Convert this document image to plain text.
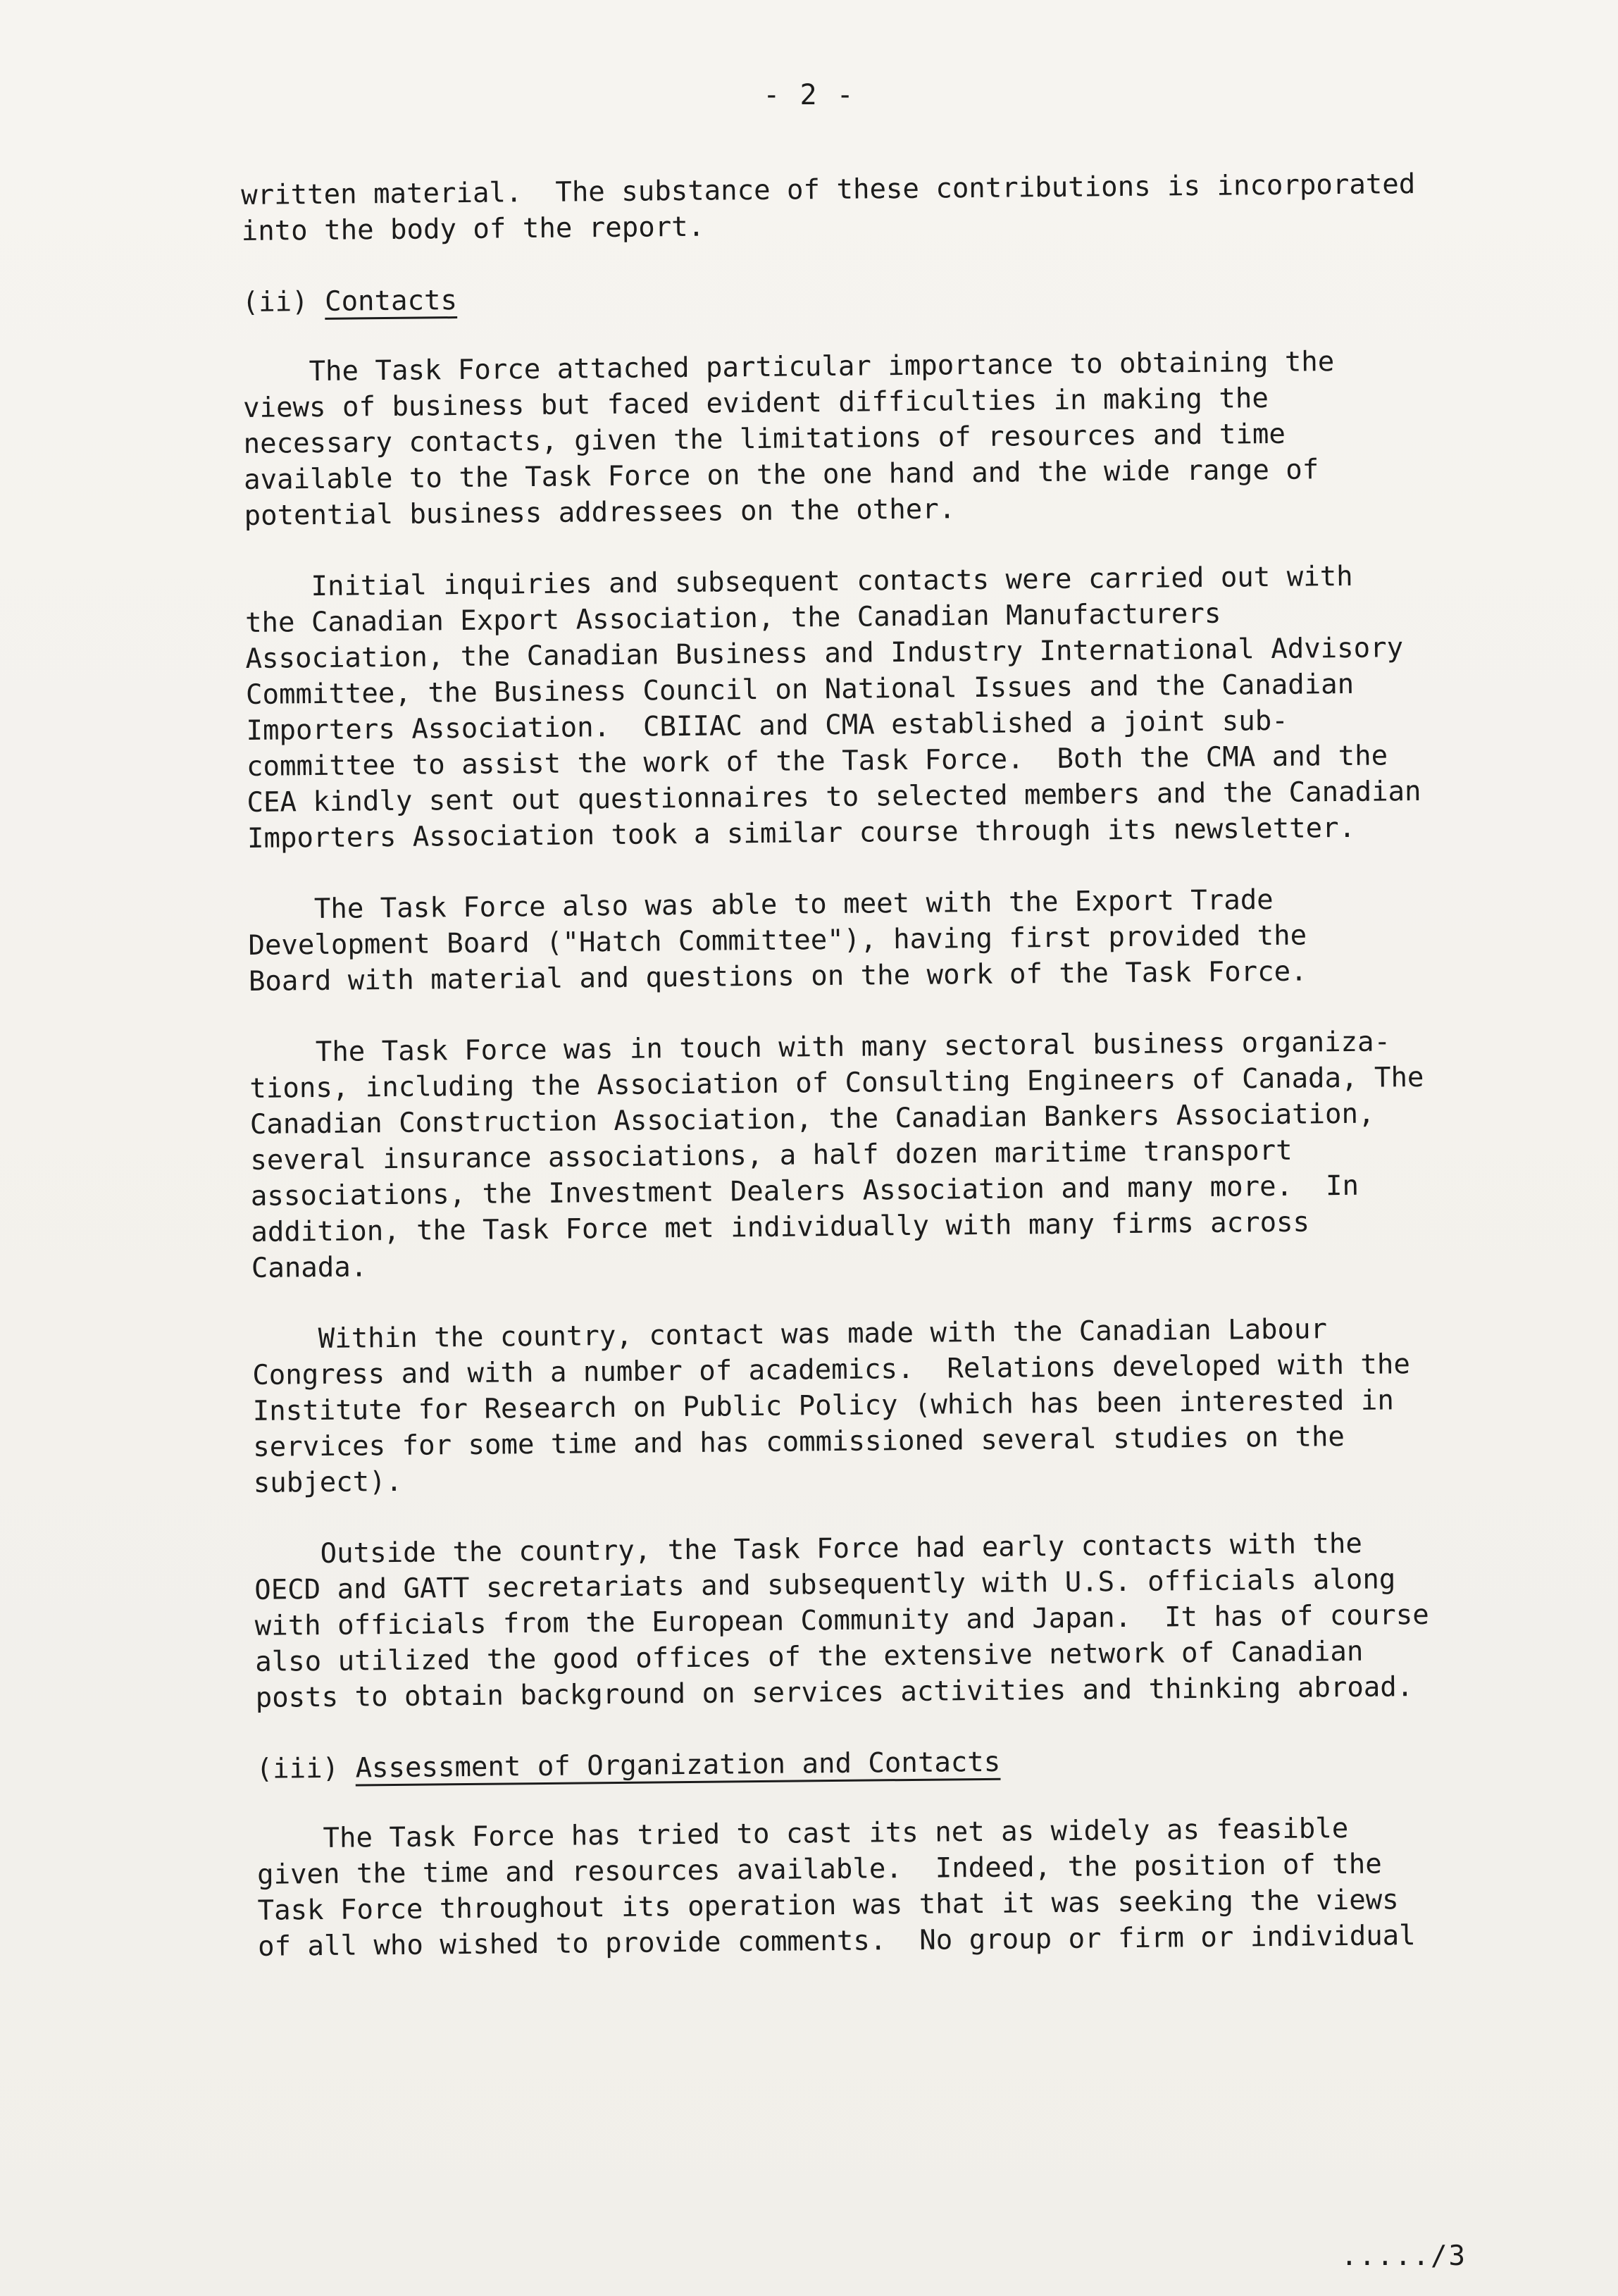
- 2 -
written material.  The substance of these contributions is incorporated
into the body of the report.
(ii) Contacts
The Task Force attached particular importance to obtaining the
views of business but faced evident difficulties in making the
necessary contacts, given the limitations of resources and time
available to the Task Force on the one hand and the wide range of
potential business addressees on the other.
Initial inquiries and subsequent contacts were carried out with
the Canadian Export Association, the Canadian Manufacturers
Association, the Canadian Business and Industry International Advisory
Committee, the Business Council on National Issues and the Canadian
Importers Association.  CBIIAC and CMA established a joint sub-
committee to assist the work of the Task Force.  Both the CMA and the
CEA kindly sent out questionnaires to selected members and the Canadian
Importers Association took a similar course through its newsletter.
The Task Force also was able to meet with the Export Trade
Development Board ("Hatch Committee"), having first provided the
Board with material and questions on the work of the Task Force.
The Task Force was in touch with many sectoral business organiza-
tions, including the Association of Consulting Engineers of Canada, The
Canadian Construction Association, the Canadian Bankers Association,
several insurance associations, a half dozen maritime transport
associations, the Investment Dealers Association and many more.  In
addition, the Task Force met individually with many firms across
Canada.
Within the country, contact was made with the Canadian Labour
Congress and with a number of academics.  Relations developed with the
Institute for Research on Public Policy (which has been interested in
services for some time and has commissioned several studies on the
subject).
Outside the country, the Task Force had early contacts with the
OECD and GATT secretariats and subsequently with U.S. officials along
with officials from the European Community and Japan.  It has of course
also utilized the good offices of the extensive network of Canadian
posts to obtain background on services activities and thinking abroad.
(iii) Assessment of Organization and Contacts
The Task Force has tried to cast its net as widely as feasible
given the time and resources available.  Indeed, the position of the
Task Force throughout its operation was that it was seeking the views
of all who wished to provide comments.  No group or firm or individual
...../3
